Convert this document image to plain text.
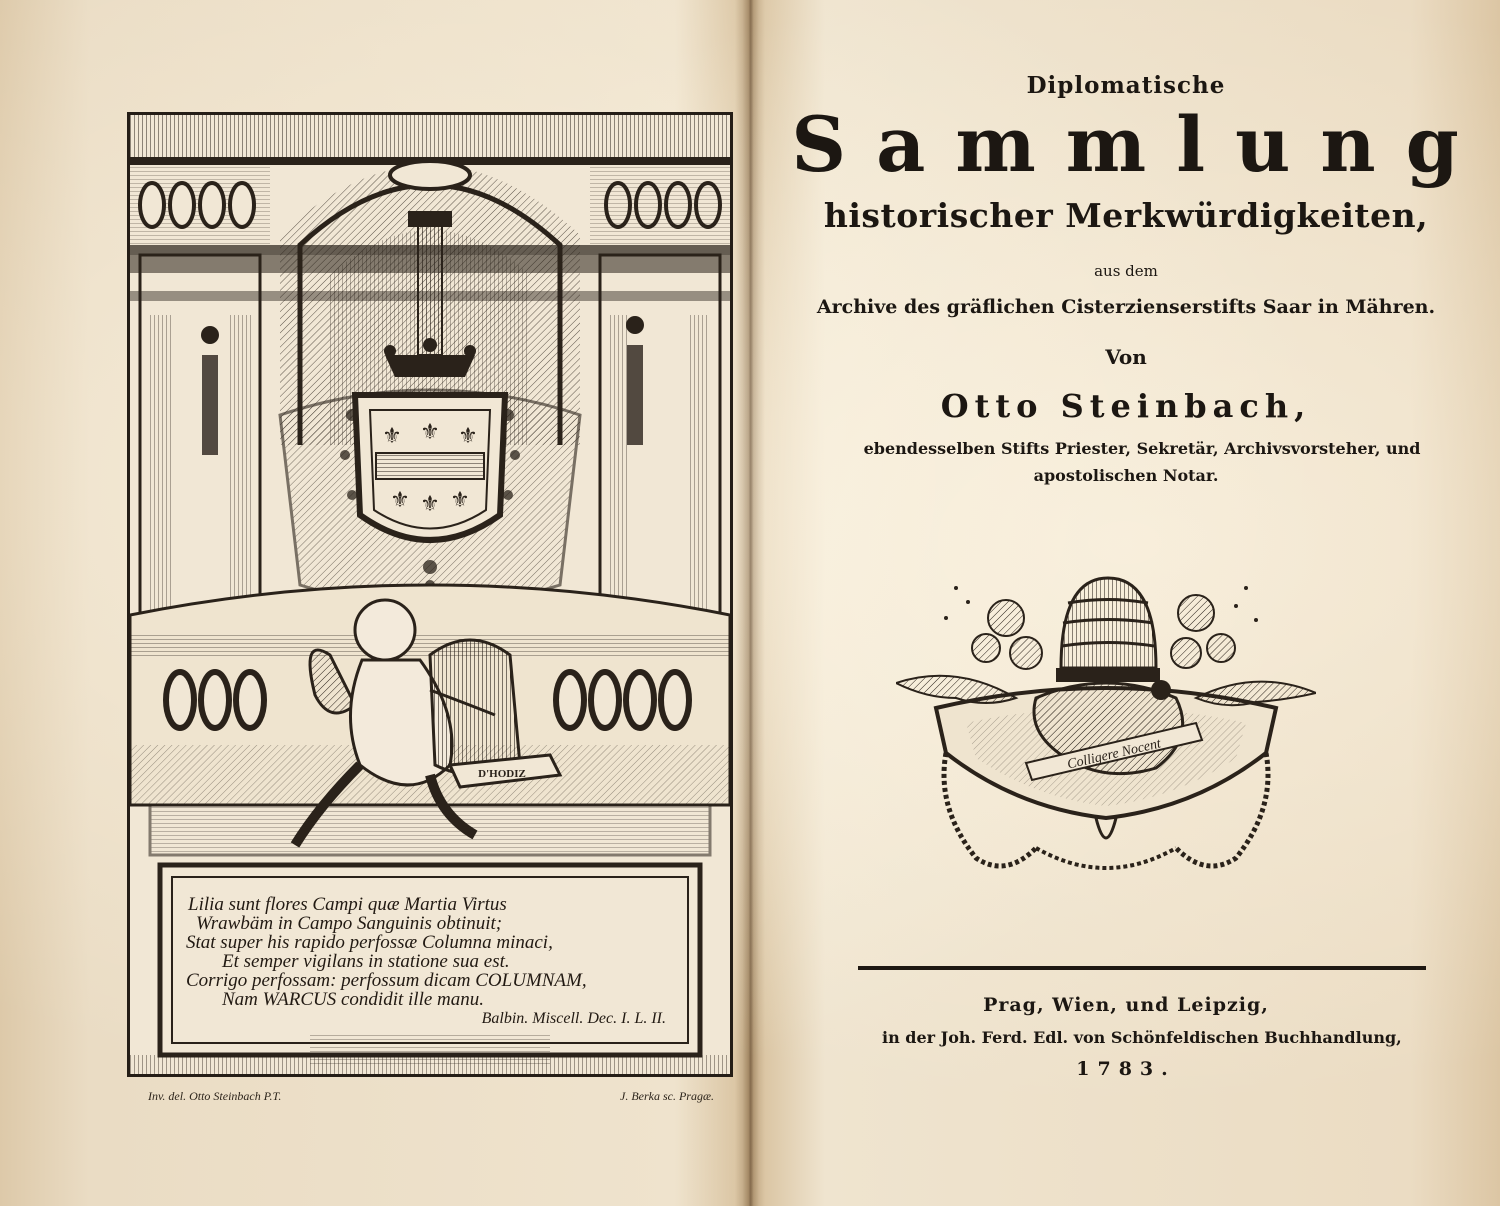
⚜ ⚜ ⚜
⚜ ⚜ ⚜
D'HODIZ
Lilia sunt flores Campi quæ Martia Virtus
Wrawbäm in Campo Sanguinis obtinuit;
Stat super his rapido perfossæ Columna minaci,
Et semper vigilans in statione sua est.
Corrigo perfossam: perfossum dicam COLUMNAM,
Nam WARCUS condidit ille manu.
Balbin. Miscell. Dec. I. L. II.
Inv. del. Otto Steinbach P.T.	J. Berka sc. Pragæ.
Diplomatische
Sammlung
historischer Merkwürdigkeiten,
aus dem
Archive des gräflichen Cisterzienserstifts Saar in Mähren.
Von
Otto Steinbach,
ebendesselben Stifts Priester, Sekretär, Archivsvorsteher, und
apostolischen Notar.
Colligere Nocent
Prag, Wien, und Leipzig,
in der Joh. Ferd. Edl. von Schönfeldischen Buchhandlung,
1783.
